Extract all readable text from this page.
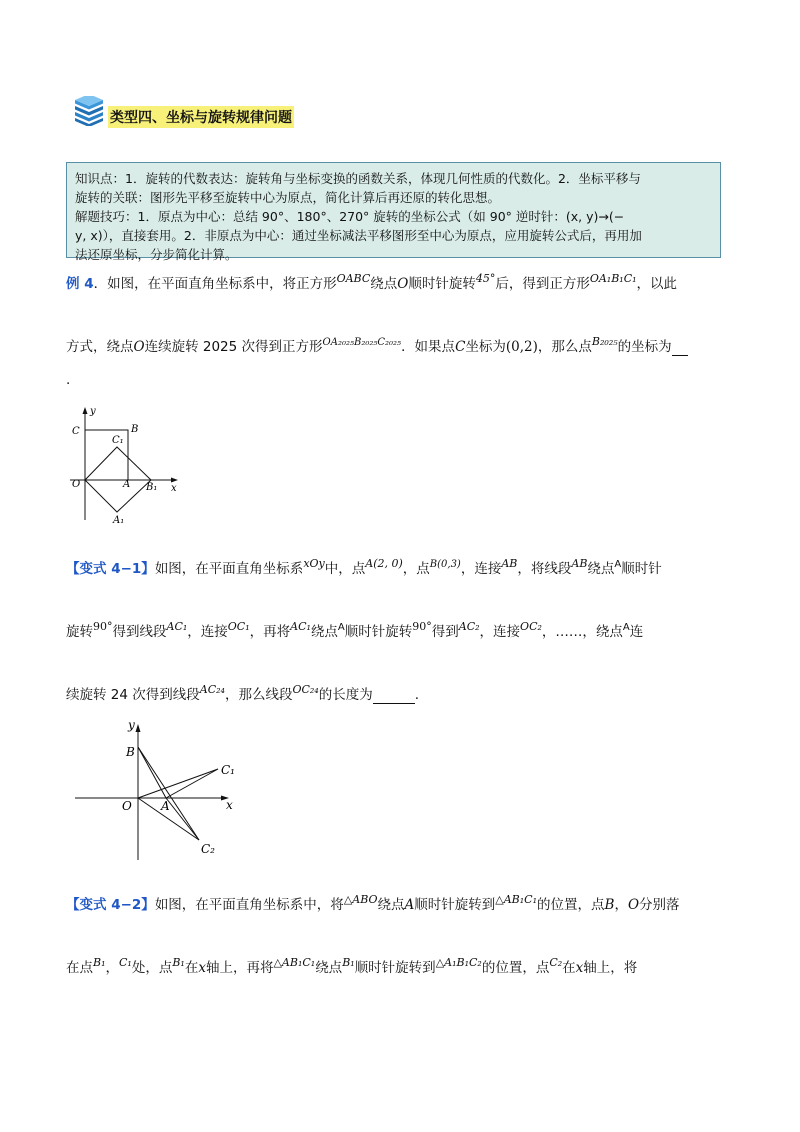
类型四、坐标与旋转规律问题
知识点：1．旋转的代数表达：旋转角与坐标变换的函数关系，体现几何性质的代数化。2．坐标平移与
旋转的关联：图形先平移至旋转中心为原点，简化计算后再还原的转化思想。
解题技巧：1．原点为中心：总结 90°、180°、270° 旋转的坐标公式（如 90° 逆时针：(x, y)→(−
y, x)），直接套用。2．非原点为中心：通过坐标减法平移图形至中心为原点，应用旋转公式后，再用加
法还原坐标，分步简化计算。
例 4．如图，在平面直角坐标系中，将正方形$^{OABC}$绕点O顺时针旋转$^{45^\circ}$后，得到正方形$^{OA_1B_1C_1}$，以此
方式，绕点O连续旋转 2025 次得到正方形$^{OA_{2025}B_{2025}C_{2025}}$．如果点C坐标为(0,2)，那么点$^{B_{2025}}$的坐标为
.
y
x
C	B
C₁
O	A B₁
A₁
【变式 4−1】如图，在平面直角坐标系$^{xOy}$中，点$^{A(2, 0)}$，点$^{B(0,3)}$，连接$^{AB}$，将线段$^{AB}$绕点$^A$顺时针
旋转$^{90^\circ}$得到线段$^{AC_1}$，连接$^{OC_1}$，再将$^{AC_1}$绕点$^A$顺时针旋转$^{90^\circ}$得到$^{AC_2}$，连接$^{OC_2}$，……，绕点$^A$连
续旋转 24 次得到线段$^{AC_{24}}$，那么线段$^{OC_{24}}$的长度为	.
y
B
C₁
O A	x
C₂
【变式 4−2】如图，在平面直角坐标系中，将$^{\triangle ABO}$绕点A顺时针旋转到$^{\triangle AB_1C_1}$的位置，点B，O分别落
在点$^{B_1}$，$^{C_1}$处，点$^{B_1}$在x轴上，再将$^{\triangle AB_1C_1}$绕点$^{B_1}$顺时针旋转到$^{\triangle A_1B_1C_2}$的位置，点$^{C_2}$在x轴上，将
